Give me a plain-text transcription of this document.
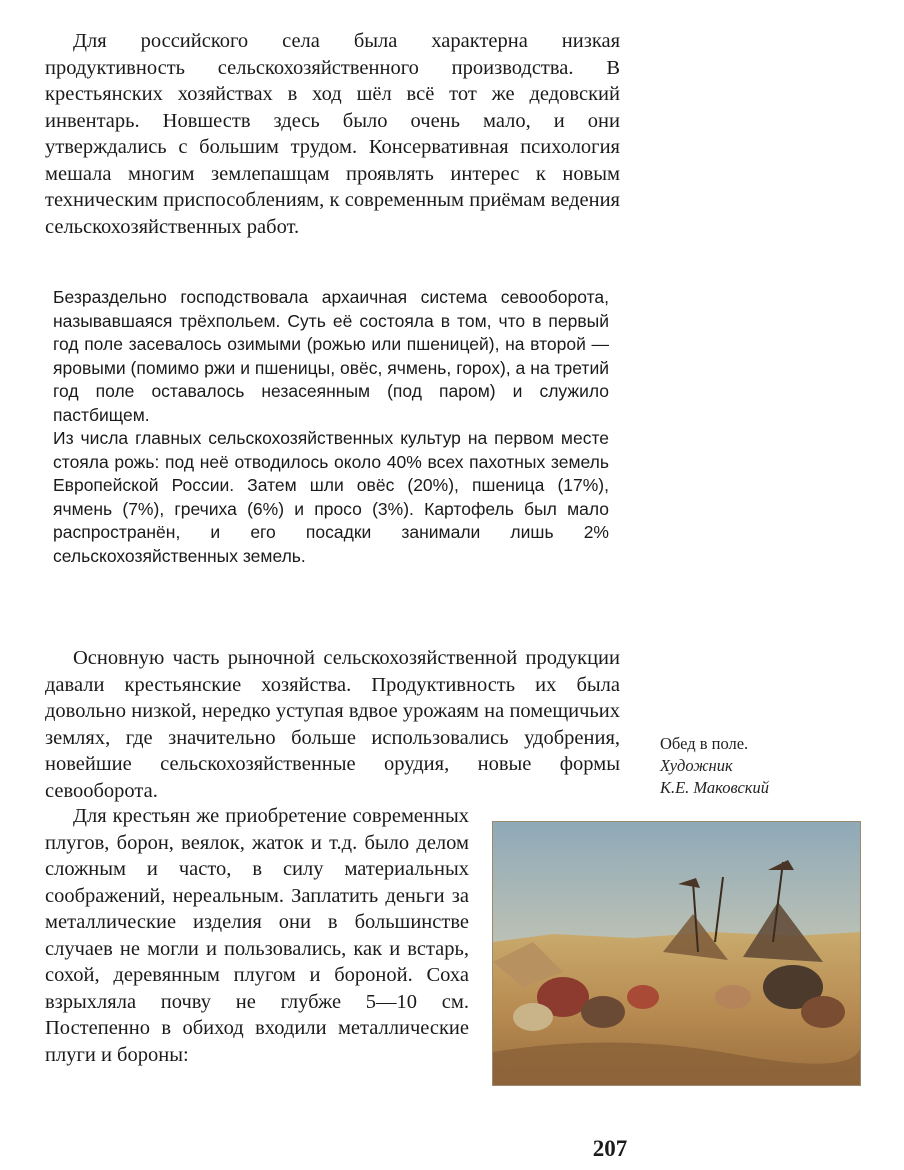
Для российского села была характерна низкая продуктивность сельскохозяйственного производства. В крестьянских хозяйствах в ход шёл всё тот же дедовский инвентарь. Новшеств здесь было очень мало, и они утверждались с большим трудом. Консервативная психология мешала многим землепашцам проявлять интерес к новым техническим приспособлениям, к современным приёмам ведения сельскохозяйственных работ.

Безраздельно господствовала архаичная система севооборота, называвшаяся трёхпольем. Суть её состояла в том, что в первый год поле засевалось озимыми (рожью или пшеницей), на второй — яровыми (помимо ржи и пшеницы, овёс, ячмень, горох), а на третий год поле оставалось незасеянным (под паром) и служило пастбищем.

Из числа главных сельскохозяйственных культур на первом месте стояла рожь: под неё отводилось около 40% всех пахотных земель Европейской России. Затем шли овёс (20%), пшеница (17%), ячмень (7%), гречиха (6%) и просо (3%). Картофель был мало распространён, и его посадки занимали лишь 2% сельскохозяйственных земель.

Основную часть рыночной сельскохозяйственной продукции давали крестьянские хозяйства. Продуктивность их была довольно низкой, нередко уступая вдвое урожаям на помещичьих землях, где значительно больше использовались удобрения, новейшие сельскохозяйственные орудия, новые формы севооборота.

Для крестьян же приобретение современных плугов, борон, веялок, жаток и т.д. было делом сложным и часто, в силу материальных соображений, нереальным. Заплатить деньги за металлические изделия они в большинстве случаев не могли и пользовались, как и встарь, сохой, деревянным плугом и бороной. Соха взрыхляла почву не глубже 5—10 см. Постепенно в обиход входили металлические плуги и бороны:

Обед в поле.
Художник
К.Е. Маковский
207
